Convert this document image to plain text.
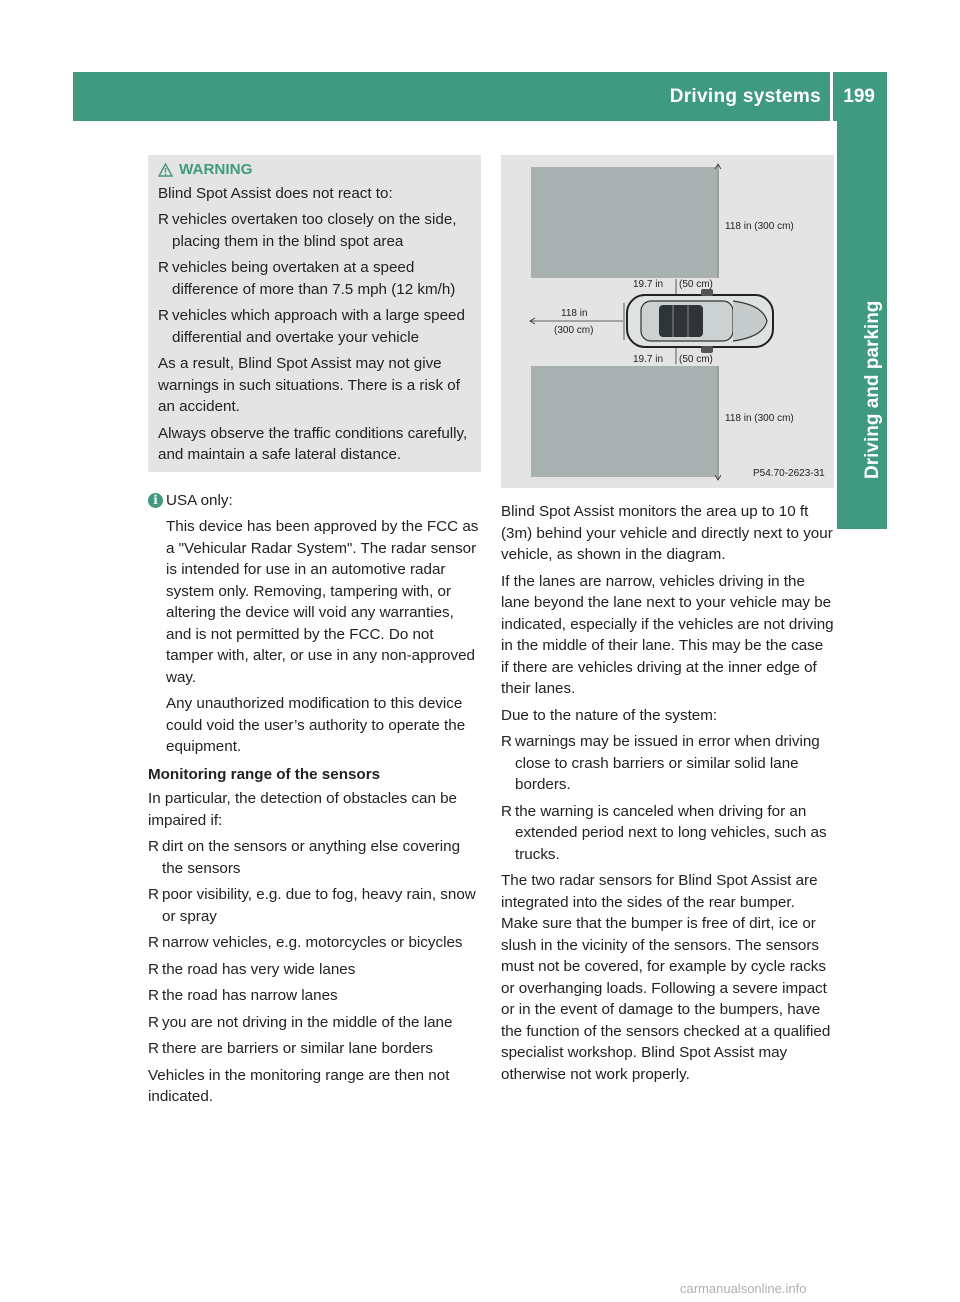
Driving systems 199
Driving and parking
WARNING

Blind Spot Assist does not react to:

R vehicles overtaken too closely on the side, placing them in the blind spot area
R vehicles being overtaken at a speed difference of more than 7.5 mph (12 km/h)
R vehicles which approach with a large speed differential and overtake your vehicle

As a result, Blind Spot Assist may not give warnings in such situations. There is a risk of an accident.

Always observe the traffic conditions carefully, and maintain a safe lateral distance.

i USA only:

This device has been approved by the FCC as a "Vehicular Radar System". The radar sensor is intended for use in an automotive radar system only. Removing, tampering with, or altering the device will void any warranties, and is not permitted by the FCC. Do not tamper with, alter, or use in any non-approved way.

Any unauthorized modification to this device could void the user’s authority to operate the equipment.

Monitoring range of the sensors

In particular, the detection of obstacles can be impaired if:

R dirt on the sensors or anything else covering the sensors
R poor visibility, e.g. due to fog, heavy rain, snow or spray
R narrow vehicles, e.g. motorcycles or bicycles
R the road has very wide lanes
R the road has narrow lanes
R you are not driving in the middle of the lane
R there are barriers or similar lane borders

Vehicles in the monitoring range are then not indicated.

118 in (300 cm)
19.7 in (50 cm)
118 in
(300 cm)
19.7 in (50 cm)
118 in (300 cm)
P54.70-2623-31

Blind Spot Assist monitors the area up to 10 ft (3m) behind your vehicle and directly next to your vehicle, as shown in the diagram.

If the lanes are narrow, vehicles driving in the lane beyond the lane next to your vehicle may be indicated, especially if the vehicles are not driving in the middle of their lane. This may be the case if there are vehicles driving at the inner edge of their lanes.

Due to the nature of the system:

R warnings may be issued in error when driving close to crash barriers or similar solid lane borders.
R the warning is canceled when driving for an extended period next to long vehicles, such as trucks.

The two radar sensors for Blind Spot Assist are integrated into the sides of the rear bumper. Make sure that the bumper is free of dirt, ice or slush in the vicinity of the sensors. The sensors must not be covered, for example by cycle racks or overhanging loads. Following a severe impact or in the event of damage to the bumpers, have the function of the sensors checked at a qualified specialist workshop. Blind Spot Assist may otherwise not work properly.

carmanualsonline.info
